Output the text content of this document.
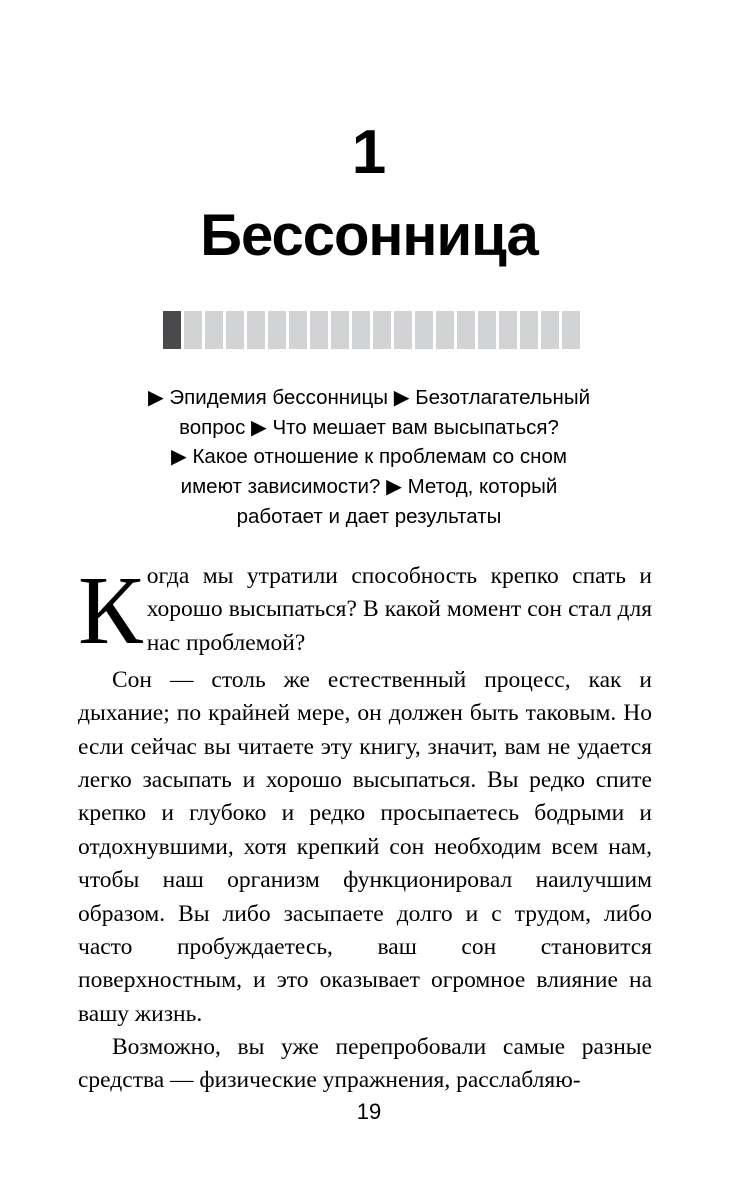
1
Бессонница
▶ Эпидемия бессонницы ▶ Безотлагательный
вопрос ▶ Что мешает вам высыпаться?
▶ Какое отношение к проблемам со сном
имеют зависимости? ▶ Метод, который
работает и дает результаты
К огда мы утратили способность крепко спать и хорошо высыпаться? В какой момент сон стал для нас проблемой?

Сон — столь же естественный процесс, как и дыхание; по крайней мере, он должен быть таковым. Но если сейчас вы читаете эту книгу, значит, вам не удается легко засыпать и хорошо высыпаться. Вы редко спите крепко и глубоко и редко просыпаетесь бодрыми и отдохнувшими, хотя крепкий сон необходим всем нам, чтобы наш организм функционировал наилучшим образом. Вы либо засыпаете долго и с трудом, либо часто пробуждаетесь, ваш сон становится поверхностным, и это оказывает огромное влияние на вашу жизнь.

Возможно, вы уже перепробовали самые разные средства — физические упражнения, расслабляю-

19
